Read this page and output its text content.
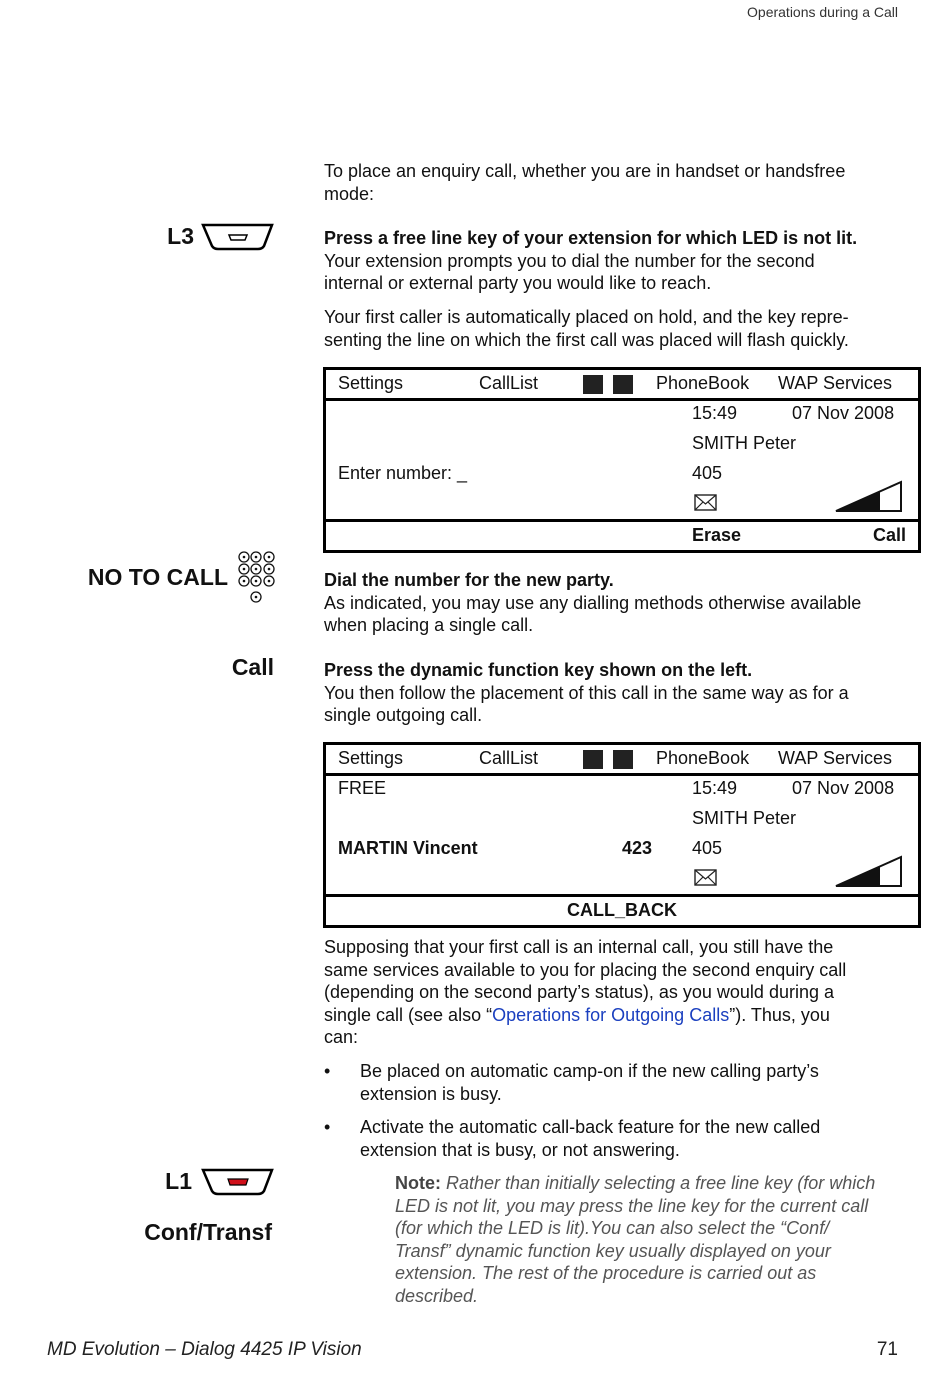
Operations during a Call
To place an enquiry call, whether you are in handset or handsfree
mode:
L3	Press a free line key of your extension for which LED is not lit.
Your extension prompts you to dial the number for the second
internal or external party you would like to reach.
Your first caller is automatically placed on hold, and the key repre-
senting the line on which the first call was placed will flash quickly.
Settings	CallList	PhoneBook WAP Services
15:49	07 Nov 2008
SMITH Peter
Enter number: _	405
Erase	Call
NO TO CALL	Dial the number for the new party.
As indicated, you may use any dialling methods otherwise available
when placing a single call.
Call	Press the dynamic function key shown on the left.
You then follow the placement of this call in the same way as for a
single outgoing call.
Settings	CallList	PhoneBook WAP Services
FREE	15:49	07 Nov 2008
SMITH Peter
MARTIN Vincent	423 405
CALL_BACK
Supposing that your first call is an internal call, you still have the
same services available to you for placing the second enquiry call
(depending on the second party’s status), as you would during a
single call (see also “Operations for Outgoing Calls”). Thus, you
can:
• Be placed on automatic camp-on if the new calling party’s
extension is busy.
• Activate the automatic call-back feature for the new called
extension that is busy, or not answering.
L1
Conf/Transf
Note: Rather than initially selecting a free line key (for which
LED is not lit, you may press the line key for the current call
(for which the LED is lit).You can also select the “Conf/
Transf” dynamic function key usually displayed on your
extension. The rest of the procedure is carried out as
described.
MD Evolution – Dialog 4425 IP Vision	71
